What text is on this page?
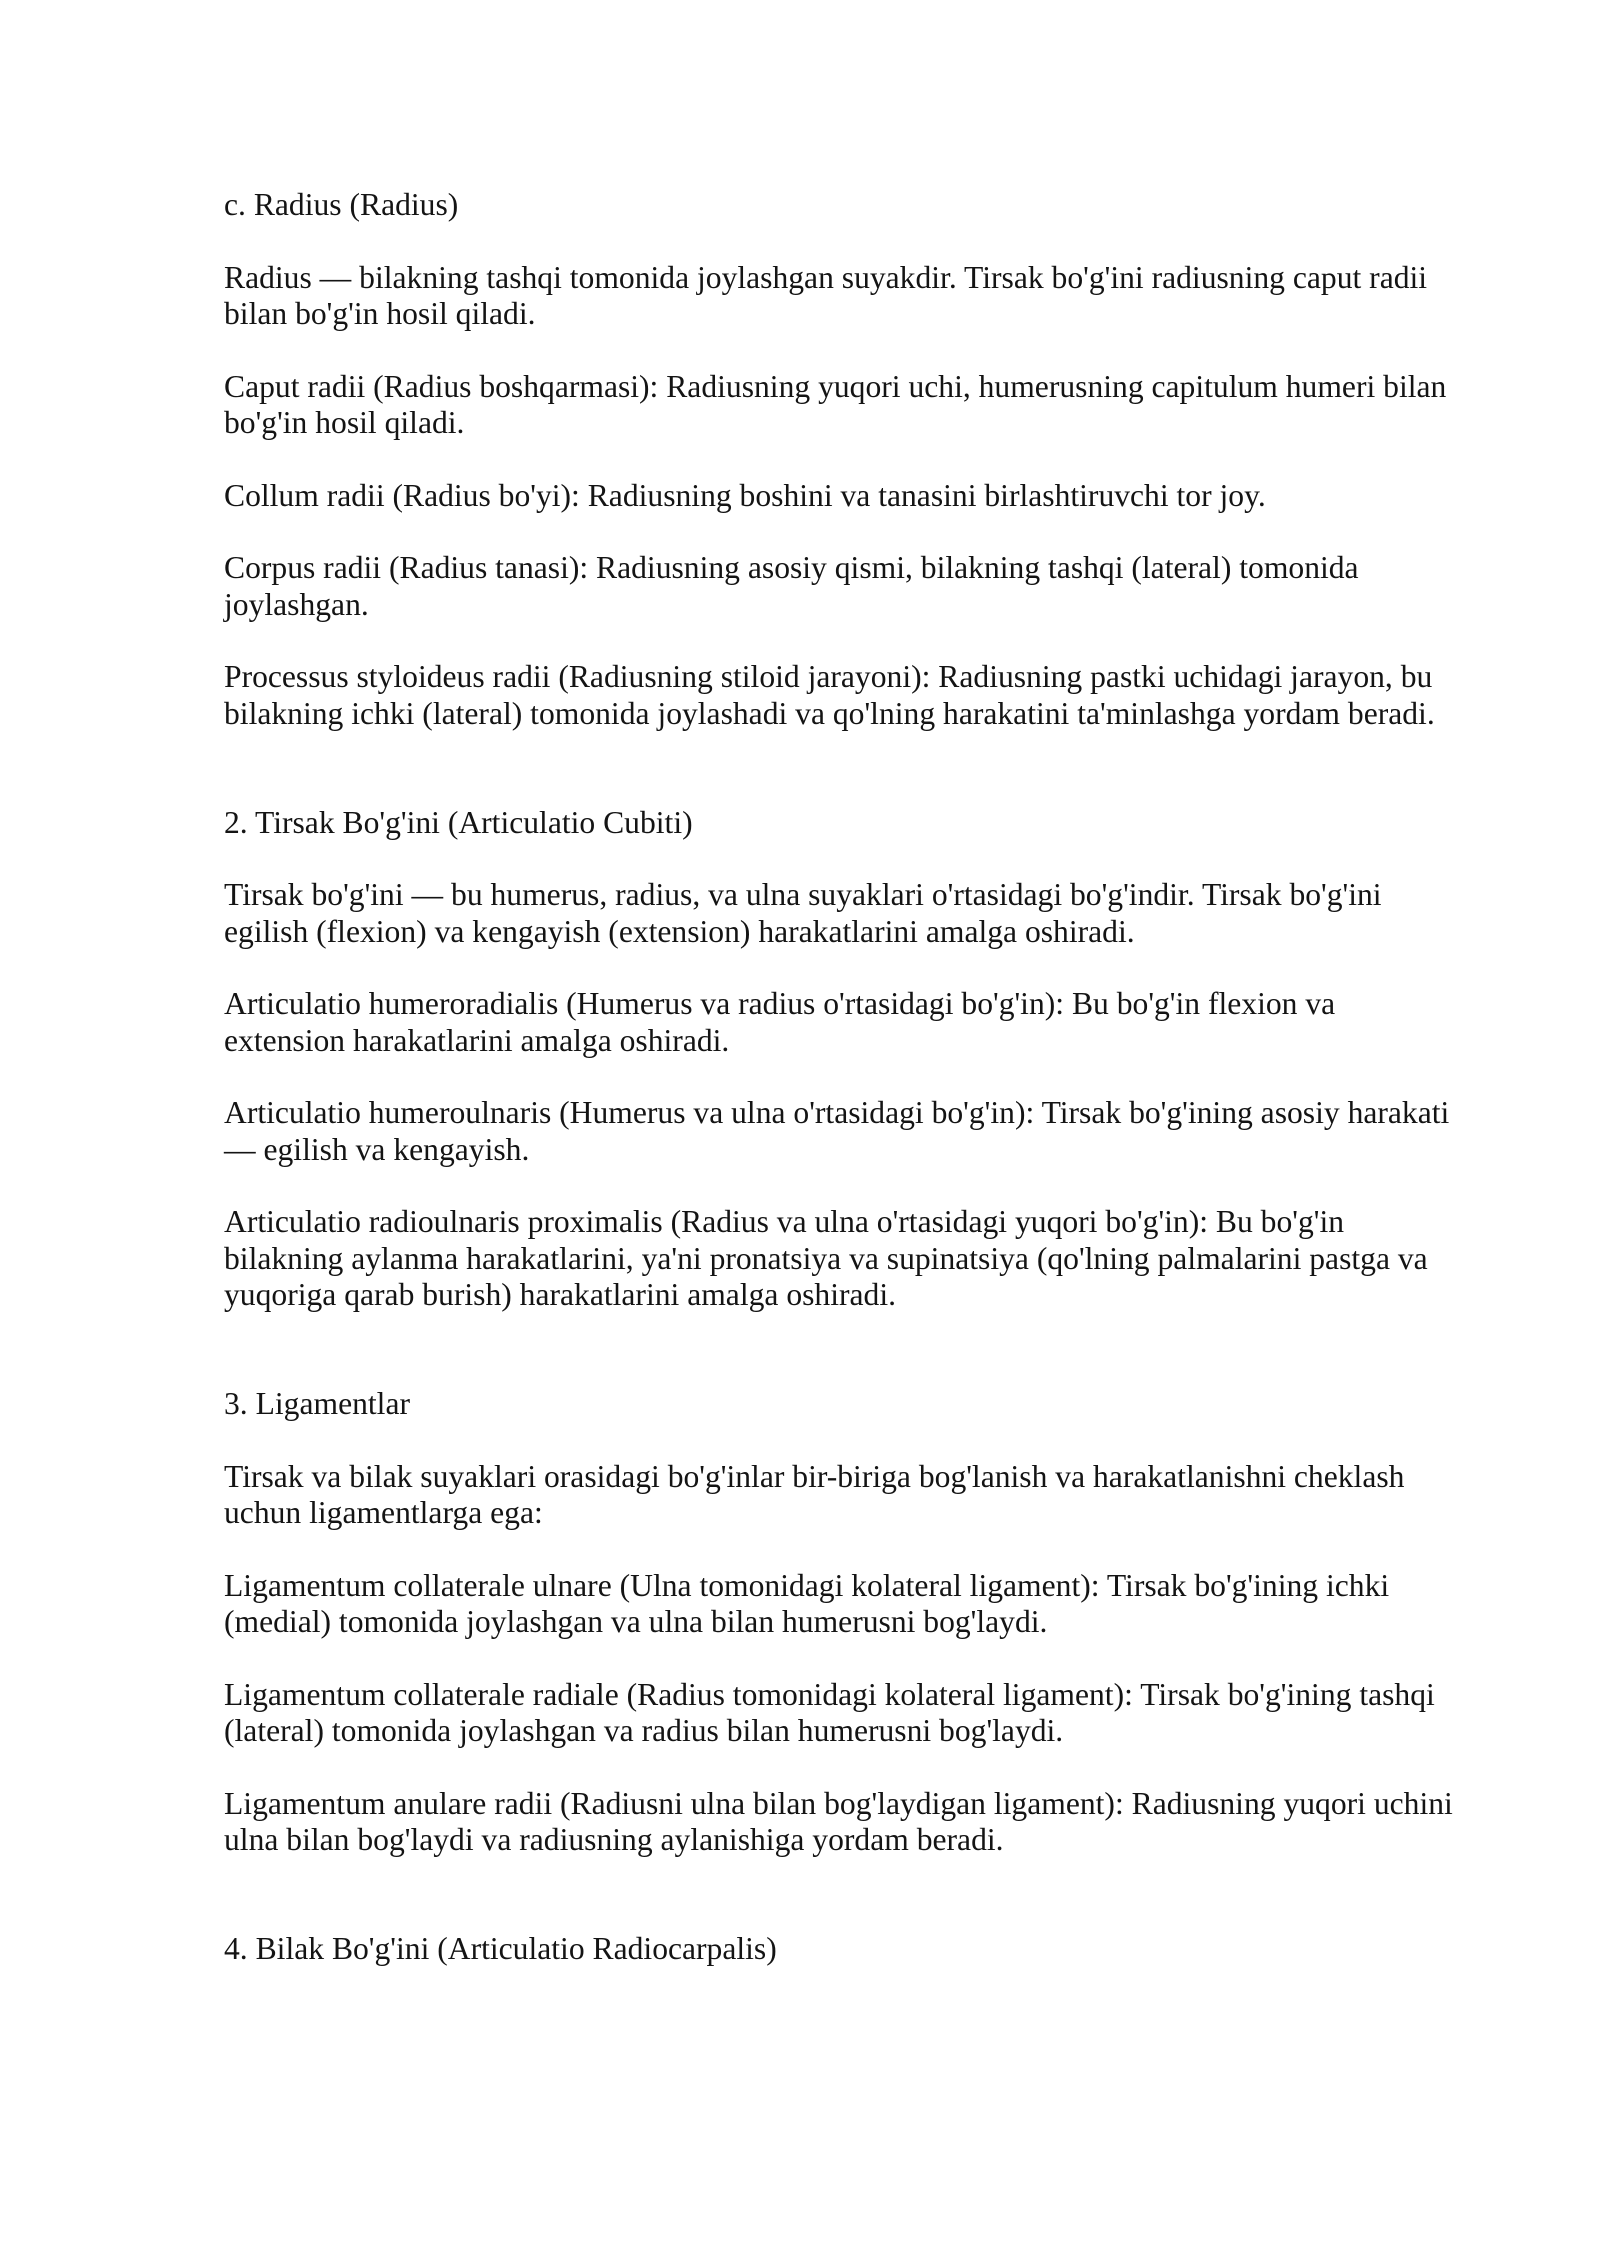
c. Radius (Radius)
Radius — bilakning tashqi tomonida joylashgan suyakdir. Tirsak bo'g'ini radiusning caput radii
bilan bo'g'in hosil qiladi.
Caput radii (Radius boshqarmasi): Radiusning yuqori uchi, humerusning capitulum humeri bilan
bo'g'in hosil qiladi.
Collum radii (Radius bo'yi): Radiusning boshini va tanasini birlashtiruvchi tor joy.
Corpus radii (Radius tanasi): Radiusning asosiy qismi, bilakning tashqi (lateral) tomonida
joylashgan.
Processus styloideus radii (Radiusning stiloid jarayoni): Radiusning pastki uchidagi jarayon, bu
bilakning ichki (lateral) tomonida joylashadi va qo'lning harakatini ta'minlashga yordam beradi.
2. Tirsak Bo'g'ini (Articulatio Cubiti)
Tirsak bo'g'ini — bu humerus, radius, va ulna suyaklari o'rtasidagi bo'g'indir. Tirsak bo'g'ini
egilish (flexion) va kengayish (extension) harakatlarini amalga oshiradi.
Articulatio humeroradialis (Humerus va radius o'rtasidagi bo'g'in): Bu bo'g'in flexion va
extension harakatlarini amalga oshiradi.
Articulatio humeroulnaris (Humerus va ulna o'rtasidagi bo'g'in): Tirsak bo'g'ining asosiy harakati
— egilish va kengayish.
Articulatio radioulnaris proximalis (Radius va ulna o'rtasidagi yuqori bo'g'in): Bu bo'g'in
bilakning aylanma harakatlarini, ya'ni pronatsiya va supinatsiya (qo'lning palmalarini pastga va
yuqoriga qarab burish) harakatlarini amalga oshiradi.
3. Ligamentlar
Tirsak va bilak suyaklari orasidagi bo'g'inlar bir-biriga bog'lanish va harakatlanishni cheklash
uchun ligamentlarga ega:
Ligamentum collaterale ulnare (Ulna tomonidagi kolateral ligament): Tirsak bo'g'ining ichki
(medial) tomonida joylashgan va ulna bilan humerusni bog'laydi.
Ligamentum collaterale radiale (Radius tomonidagi kolateral ligament): Tirsak bo'g'ining tashqi
(lateral) tomonida joylashgan va radius bilan humerusni bog'laydi.
Ligamentum anulare radii (Radiusni ulna bilan bog'laydigan ligament): Radiusning yuqori uchini
ulna bilan bog'laydi va radiusning aylanishiga yordam beradi.
4. Bilak Bo'g'ini (Articulatio Radiocarpalis)
